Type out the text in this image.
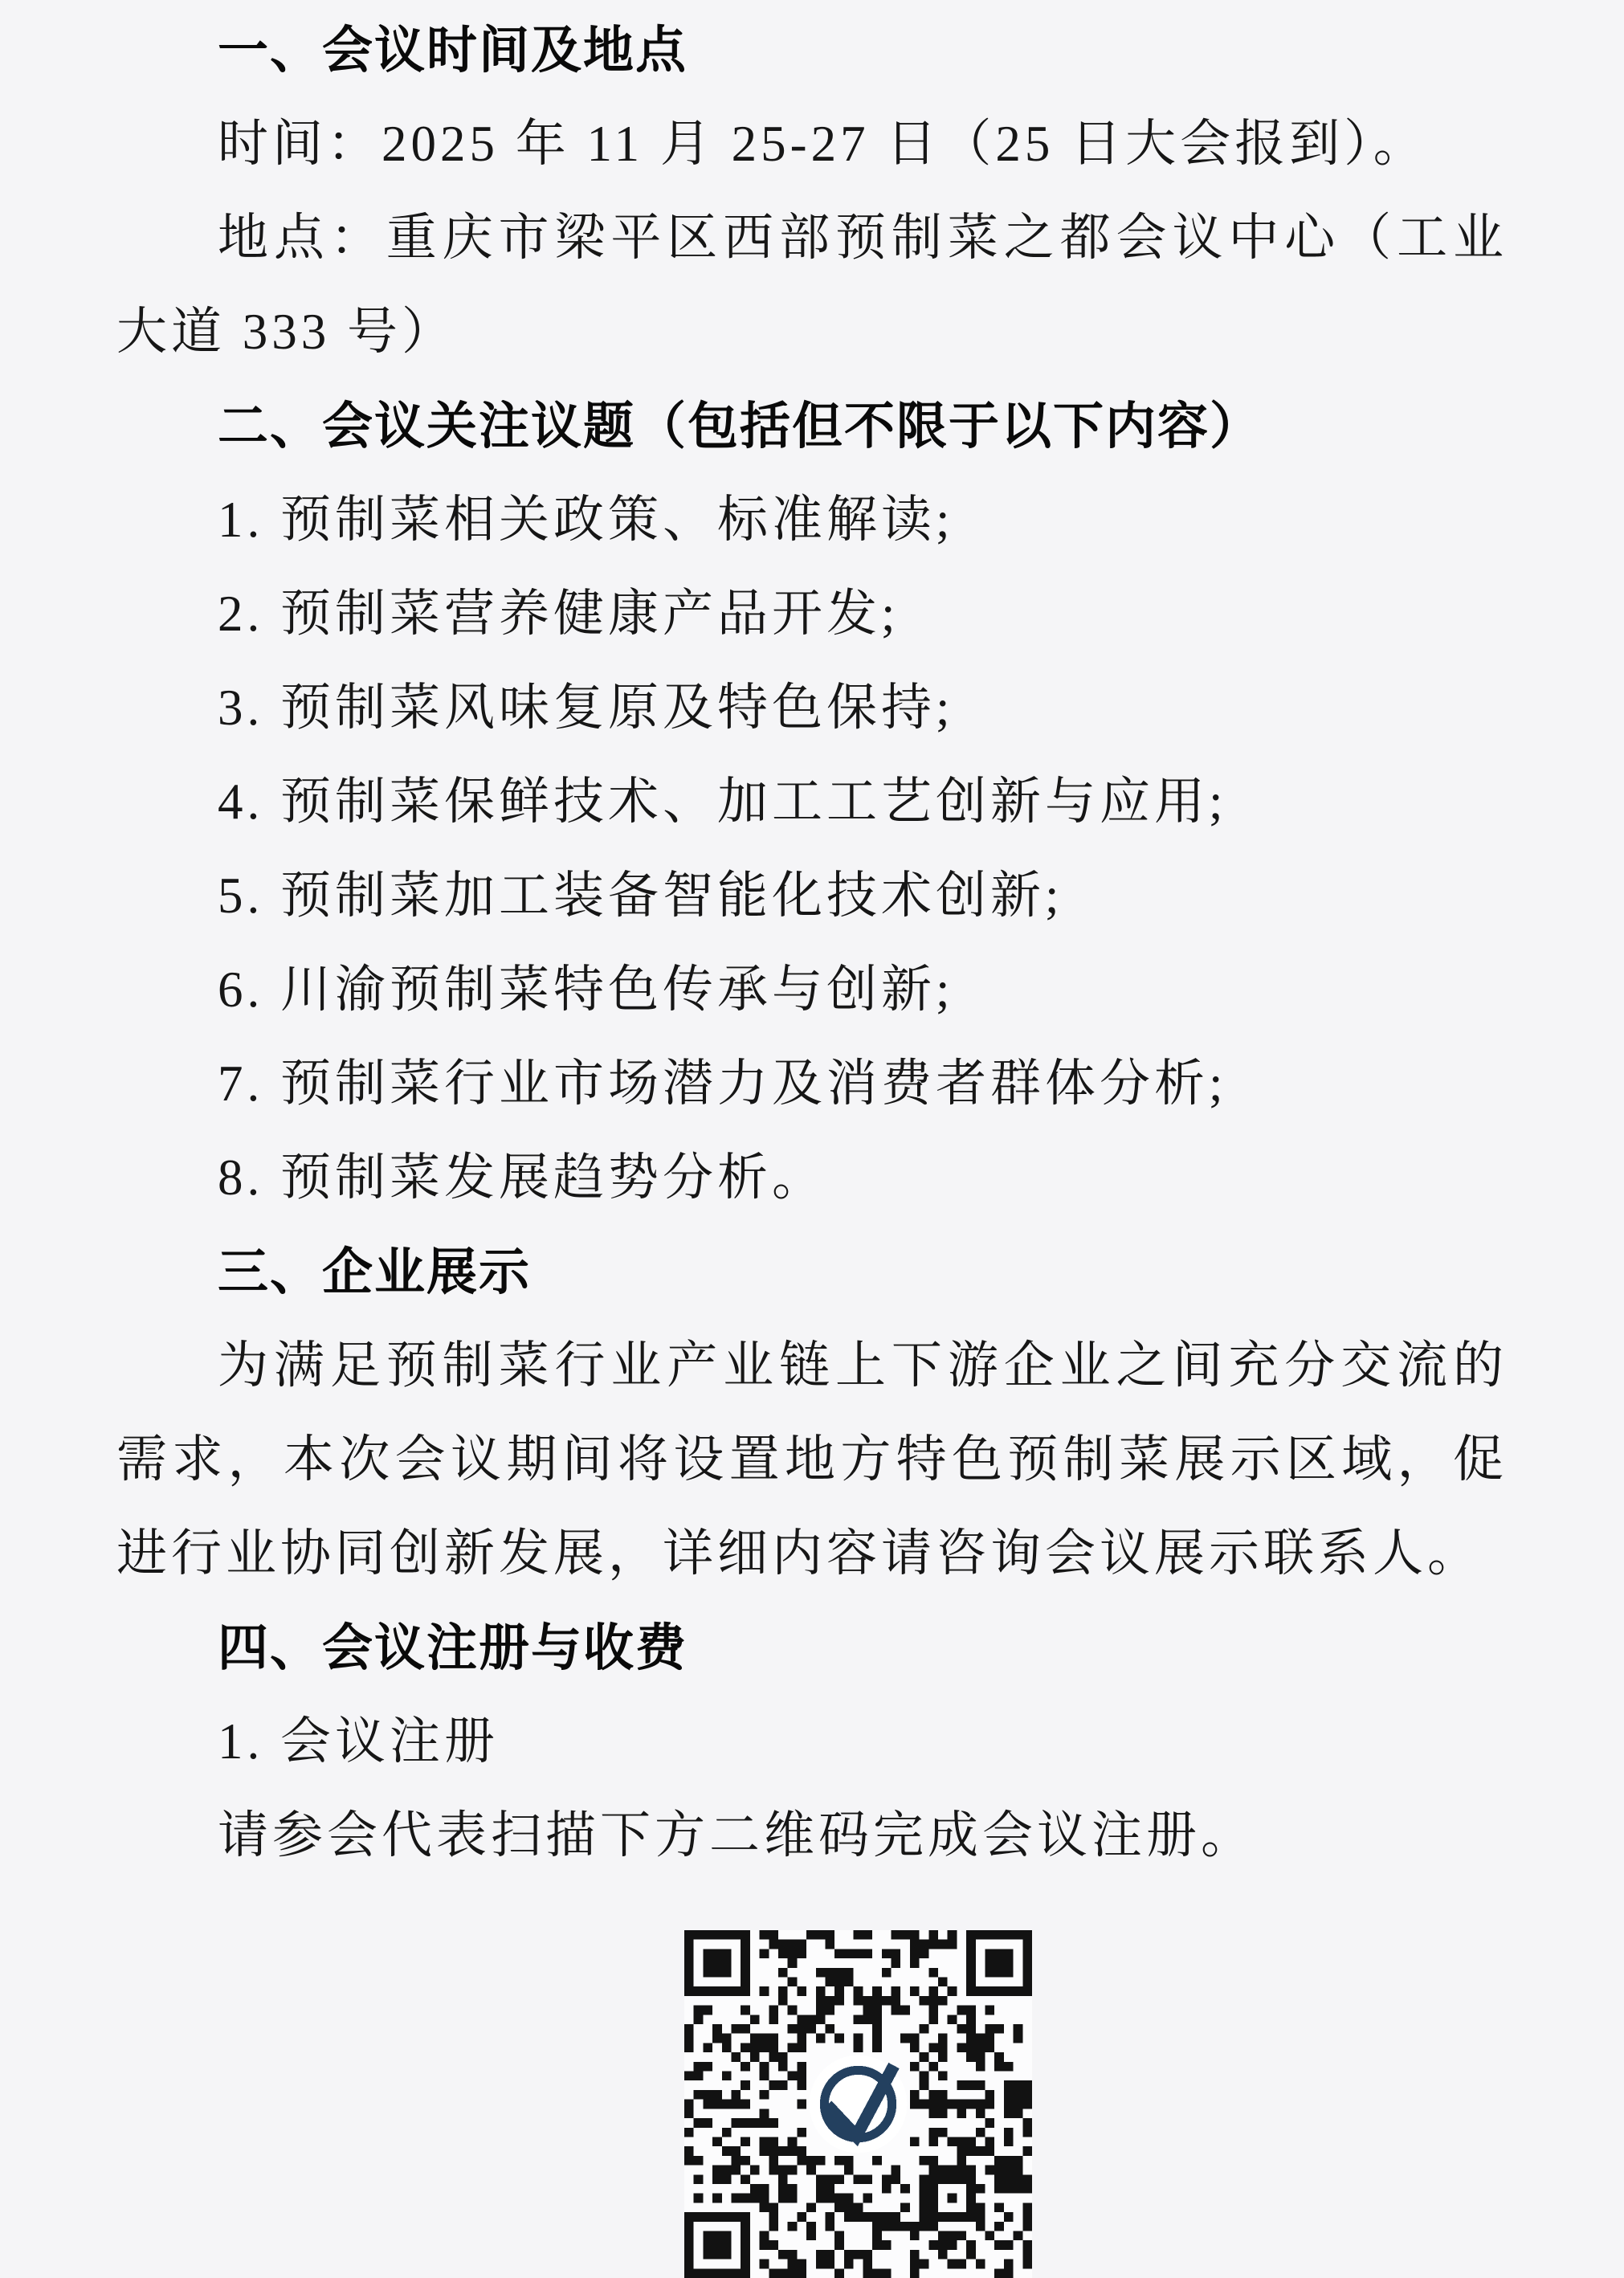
一、会议时间及地点

时间：2025 年 11 月 25-27 日（25 日大会报到）。

地点：重庆市梁平区西部预制菜之都会议中心（工业大道 333 号）

二、会议关注议题（包括但不限于以下内容）

1. 预制菜相关政策、标准解读;

2. 预制菜营养健康产品开发;

3. 预制菜风味复原及特色保持;

4. 预制菜保鲜技术、加工工艺创新与应用;

5. 预制菜加工装备智能化技术创新;

6. 川渝预制菜特色传承与创新;

7. 预制菜行业市场潜力及消费者群体分析;

8. 预制菜发展趋势分析。

三、企业展示

为满足预制菜行业产业链上下游企业之间充分交流的需求，本次会议期间将设置地方特色预制菜展示区域，促进行业协同创新发展，详细内容请咨询会议展示联系人。

四、会议注册与收费

1. 会议注册

请参会代表扫描下方二维码完成会议注册。
